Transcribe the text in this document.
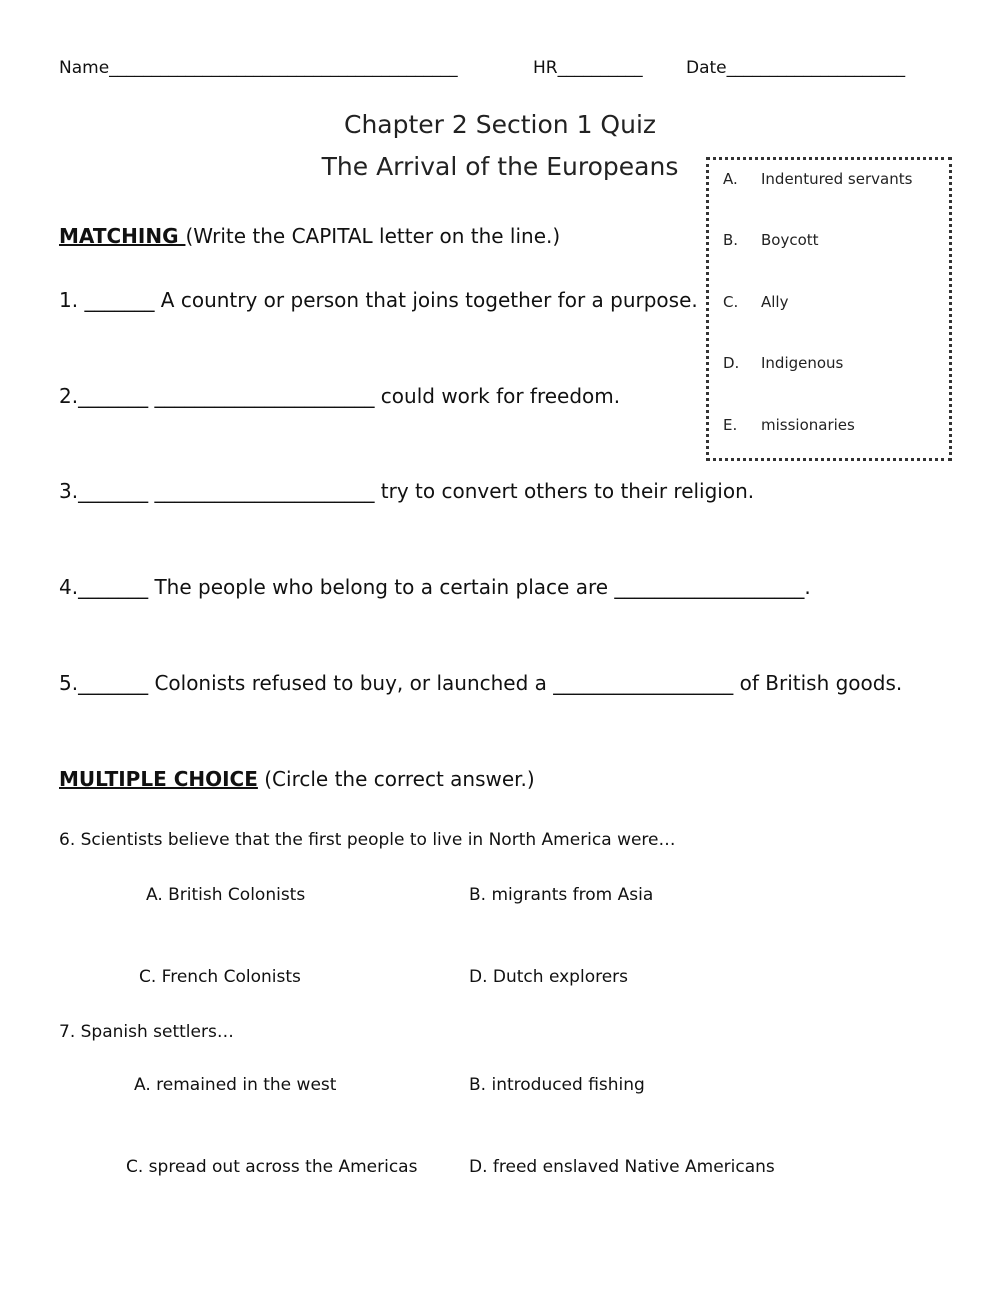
Name_________________________________________	HR__________	Date_____________________
Chapter 2 Section 1 Quiz
The Arrival of the Europeans	A. Indentured servants
B. Boycott
C. Ally
D. Indigenous
E. missionaries
MATCHING (Write the CAPITAL letter on the line.)
1. _______ A country or person that joins together for a purpose.
2._______ ______________________ could work for freedom.
3._______ ______________________ try to convert others to their religion.
4._______ The people who belong to a certain place are ___________________.
5._______ Colonists refused to buy, or launched a __________________ of British goods.
MULTIPLE CHOICE (Circle the correct answer.)
6. Scientists believe that the first people to live in North America were…
A. British Colonists	B. migrants from Asia
C. French Colonists	D. Dutch explorers
7. Spanish settlers…
A. remained in the west	B. introduced fishing
C. spread out across the Americas	D. freed enslaved Native Americans
